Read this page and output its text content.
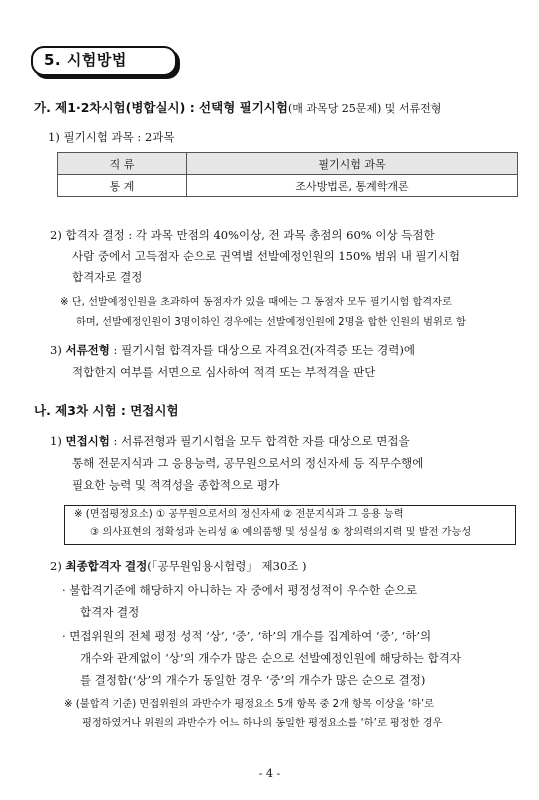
5. 시험방법
가. 제1·2차시험(병합실시) : 선택형 필기시험(매 과목당 25문제) 및 서류전형
1) 필기시험 과목 : 2과목
직 류	필기시험 과목
통 계	조사방법론, 통계학개론
2) 합격자 결정 : 각 과목 만점의 40%이상, 전 과목 총점의 60% 이상 득점한
사람 중에서 고득점자 순으로 권역별 선발예정인원의 150% 범위 내 필기시험
합격자로 결정
※ 단, 선발예정인원을 초과하여 동점자가 있을 때에는 그 동점자 모두 필기시험 합격자로
하며, 선발예정인원이 3명이하인 경우에는 선발예정인원에 2명을 합한 인원의 범위로 함
3) 서류전형 : 필기시험 합격자를 대상으로 자격요건(자격증 또는 경력)에
적합한지 여부를 서면으로 심사하여 적격 또는 부적격을 판단
나. 제3차 시험 : 면접시험
1) 면접시험 : 서류전형과 필기시험을 모두 합격한 자를 대상으로 면접을
통해 전문지식과 그 응용능력, 공무원으로서의 정신자세 등 직무수행에
필요한 능력 및 적격성을 종합적으로 평가
※ (면접평정요소) ① 공무원으로서의 정신자세 ② 전문지식과 그 응용 능력
③ 의사표현의 정확성과 논리성 ④ 예의품행 및 성실성 ⑤ 창의력의지력 및 발전 가능성
2) 최종합격자 결정(「공무원임용시험령」 제30조 )
· 불합격기준에 해당하지 아니하는 자 중에서 평정성적이 우수한 순으로
합격자 결정
· 면접위원의 전체 평정 성적 ‘상’, ‘중’, ‘하’의 개수를 집계하여 ‘중’, ‘하’의
개수와 관계없이 ‘상’의 개수가 많은 순으로 선발예정인원에 해당하는 합격자
를 결정함(‘상’의 개수가 동일한 경우 ‘중’의 개수가 많은 순으로 결정)
※ (불합격 기준) 면접위원의 과반수가 평정요소 5개 항목 중 2개 항목 이상을 ‘하’로
평정하였거나 위원의 과반수가 어느 하나의 동일한 평정요소를 ‘하’로 평정한 경우
- 4 -
